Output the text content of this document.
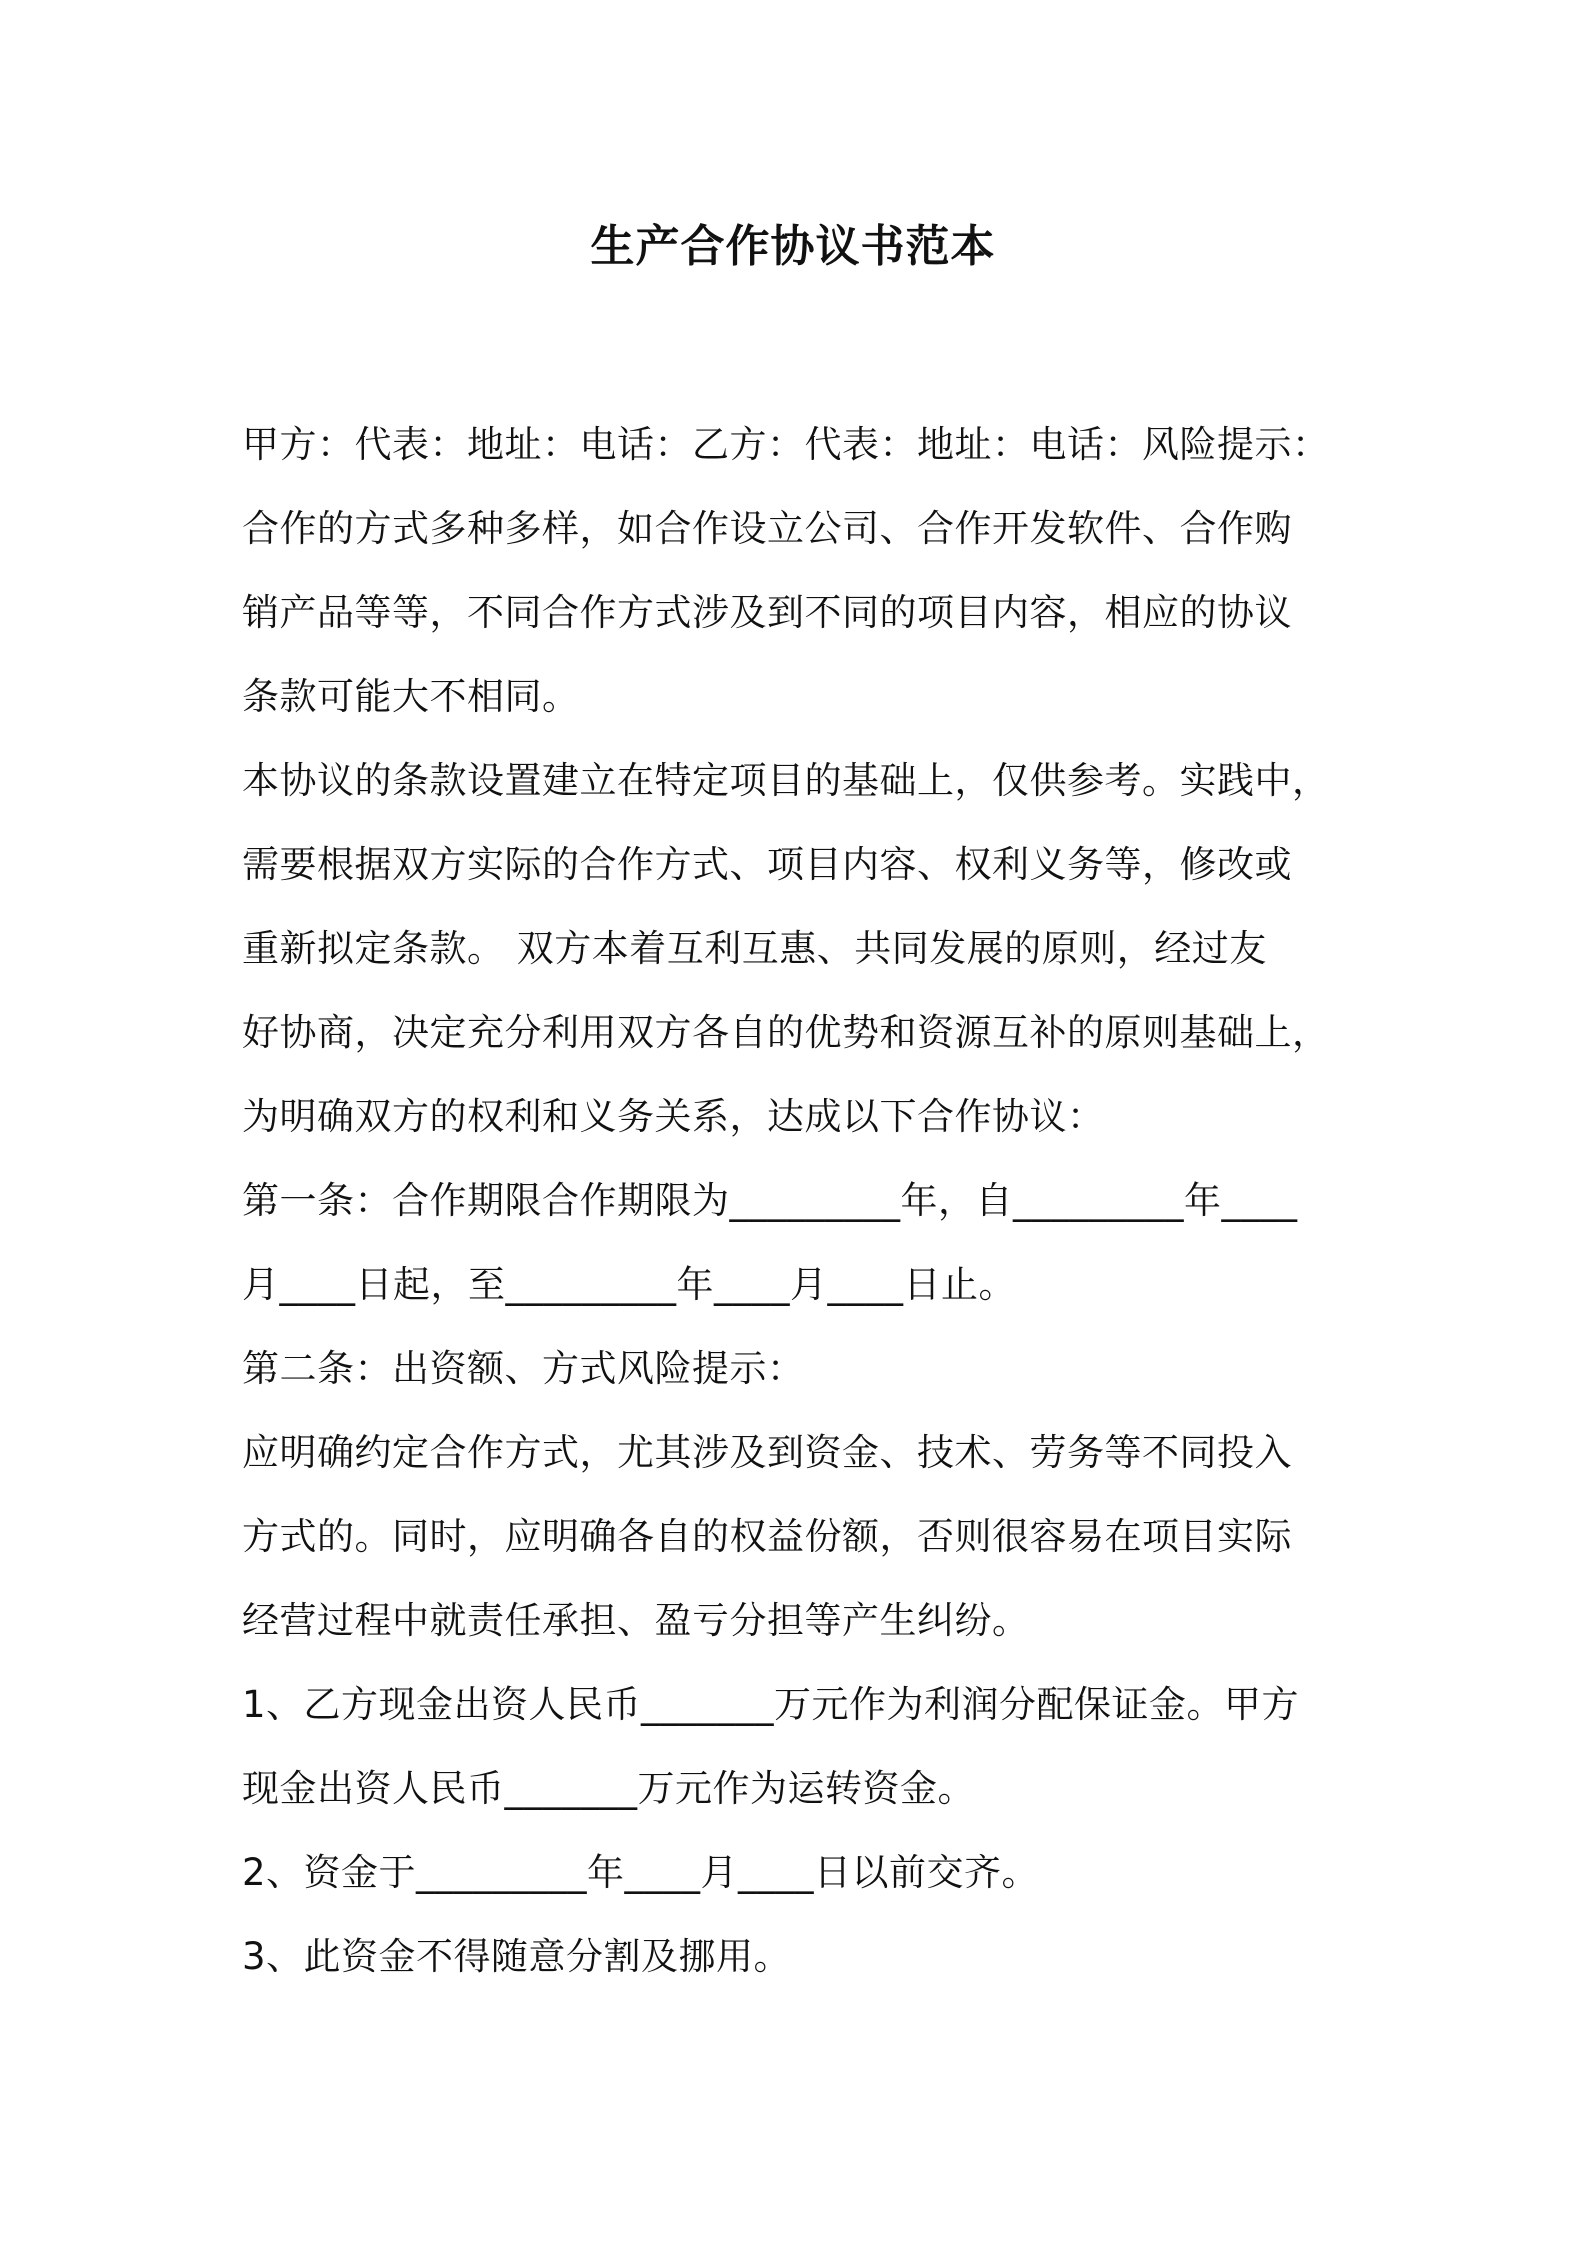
生产合作协议书范本
甲方：代表：地址：电话：乙方：代表：地址：电话：风险提示：
合作的方式多种多样，如合作设立公司、合作开发软件、合作购
销产品等等，不同合作方式涉及到不同的项目内容，相应的协议
条款可能大不相同。
本协议的条款设置建立在特定项目的基础上，仅供参考。实践中，
需要根据双方实际的合作方式、项目内容、权利义务等，修改或
重新拟定条款。 双方本着互利互惠、共同发展的原则，经过友
好协商，决定充分利用双方各自的优势和资源互补的原则基础上，
为明确双方的权利和义务关系，达成以下合作协议：
第一条：合作期限合作期限为_________年，自_________年____
月____日起，至_________年____月____日止。
第二条：出资额、方式风险提示：
应明确约定合作方式，尤其涉及到资金、技术、劳务等不同投入
方式的。同时，应明确各自的权益份额，否则很容易在项目实际
经营过程中就责任承担、盈亏分担等产生纠纷。
1、乙方现金出资人民币_______万元作为利润分配保证金。甲方
现金出资人民币_______万元作为运转资金。
2、资金于_________年____月____日以前交齐。
3、此资金不得随意分割及挪用。
